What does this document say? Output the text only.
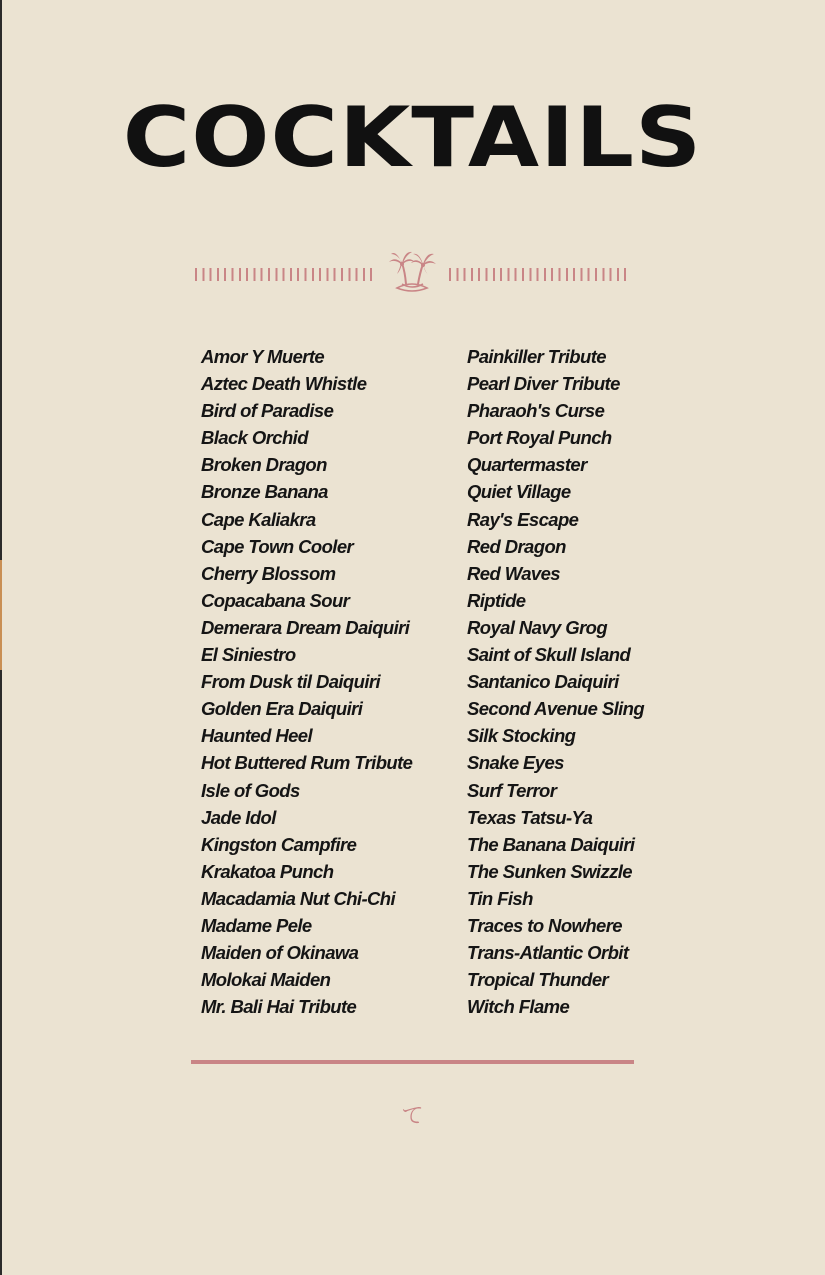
COCKTAILS
Amor Y Muerte
Aztec Death Whistle
Bird of Paradise
Black Orchid
Broken Dragon
Bronze Banana
Cape Kaliakra
Cape Town Cooler
Cherry Blossom
Copacabana Sour
Demerara Dream Daiquiri
El Siniestro
From Dusk til Daiquiri
Golden Era Daiquiri
Haunted Heel
Hot Buttered Rum Tribute
Isle of Gods
Jade Idol
Kingston Campfire
Krakatoa Punch
Macadamia Nut Chi-Chi
Madame Pele
Maiden of Okinawa
Molokai Maiden
Mr. Bali Hai Tribute
Painkiller Tribute
Pearl Diver Tribute
Pharaoh's Curse
Port Royal Punch
Quartermaster
Quiet Village
Ray's Escape
Red Dragon
Red Waves
Riptide
Royal Navy Grog
Saint of Skull Island
Santanico Daiquiri
Second Avenue Sling
Silk Stocking
Snake Eyes
Surf Terror
Texas Tatsu-Ya
The Banana Daiquiri
The Sunken Swizzle
Tin Fish
Traces to Nowhere
Trans-Atlantic Orbit
Tropical Thunder
Witch Flame
て
